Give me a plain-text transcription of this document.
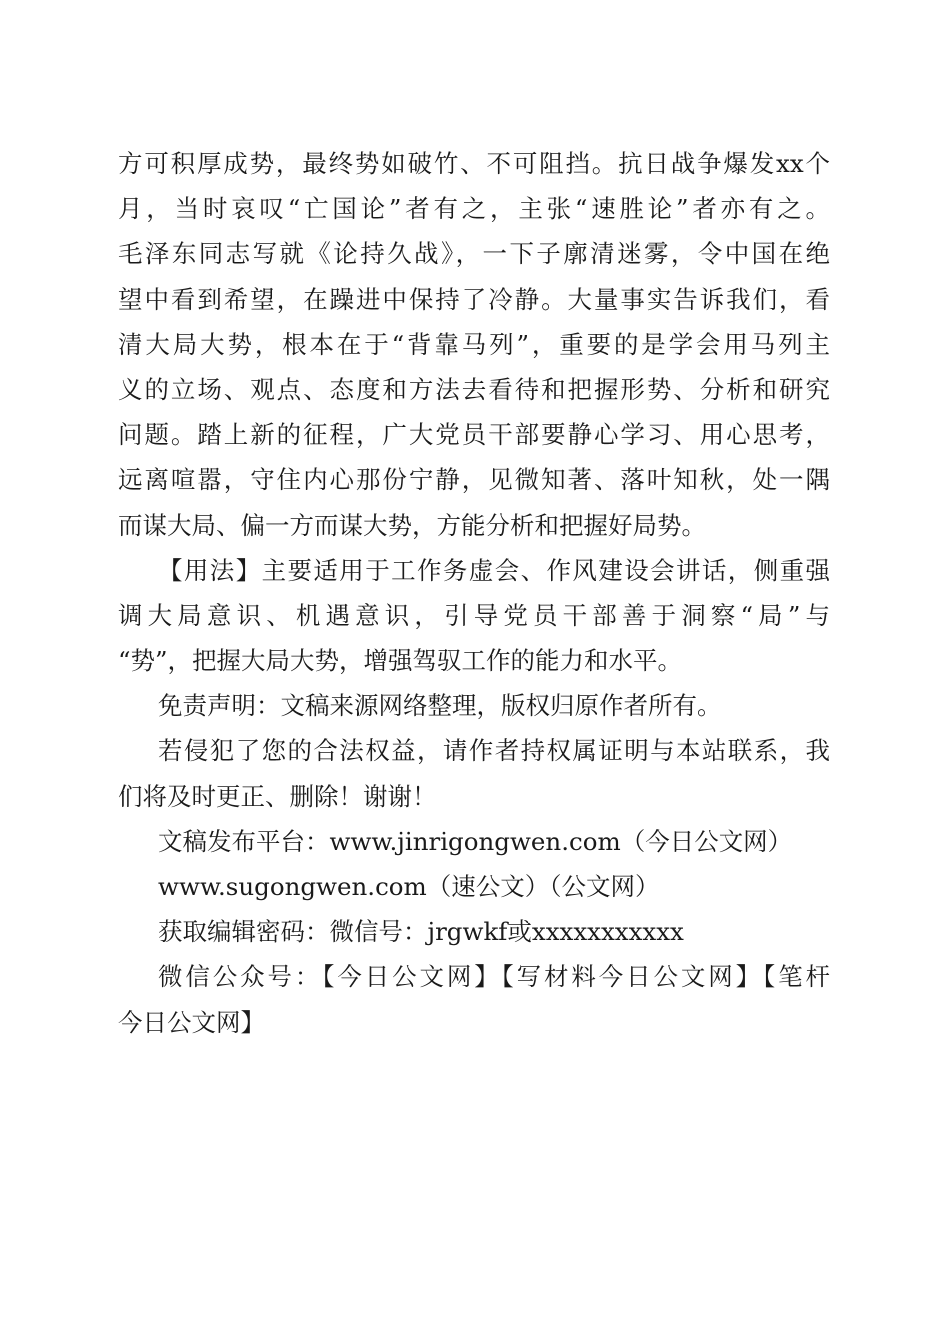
方可积厚成势，最终势如破竹、不可阻挡。抗日战争爆发xx个
月，当时哀叹“亡国论”者有之，主张“速胜论”者亦有之。
毛泽东同志写就《论持久战》，一下子廓清迷雾，令中国在绝
望中看到希望，在躁进中保持了冷静。大量事实告诉我们，看
清大局大势，根本在于“背靠马列”，重要的是学会用马列主
义的立场、观点、态度和方法去看待和把握形势、分析和研究
问题。踏上新的征程，广大党员干部要静心学习、用心思考，
远离喧嚣，守住内心那份宁静，见微知著、落叶知秋，处一隅
而谋大局、偏一方而谋大势，方能分析和把握好局势。
【用法】主要适用于工作务虚会、作风建设会讲话，侧重强
调大局意识、机遇意识，引导党员干部善于洞察“局”与
“势”，把握大局大势，增强驾驭工作的能力和水平。
免责声明：文稿来源网络整理，版权归原作者所有。
若侵犯了您的合法权益，请作者持权属证明与本站联系，我
们将及时更正、删除！谢谢！
文稿发布平台：www.jinrigongwen.com（今日公文网）
www.sugongwen.com（速公文）（公文网）
获取编辑密码：微信号：jrgwkf或xxxxxxxxxxx
微信公众号：【今日公文网】【写材料今日公文网】【笔杆
今日公文网】
